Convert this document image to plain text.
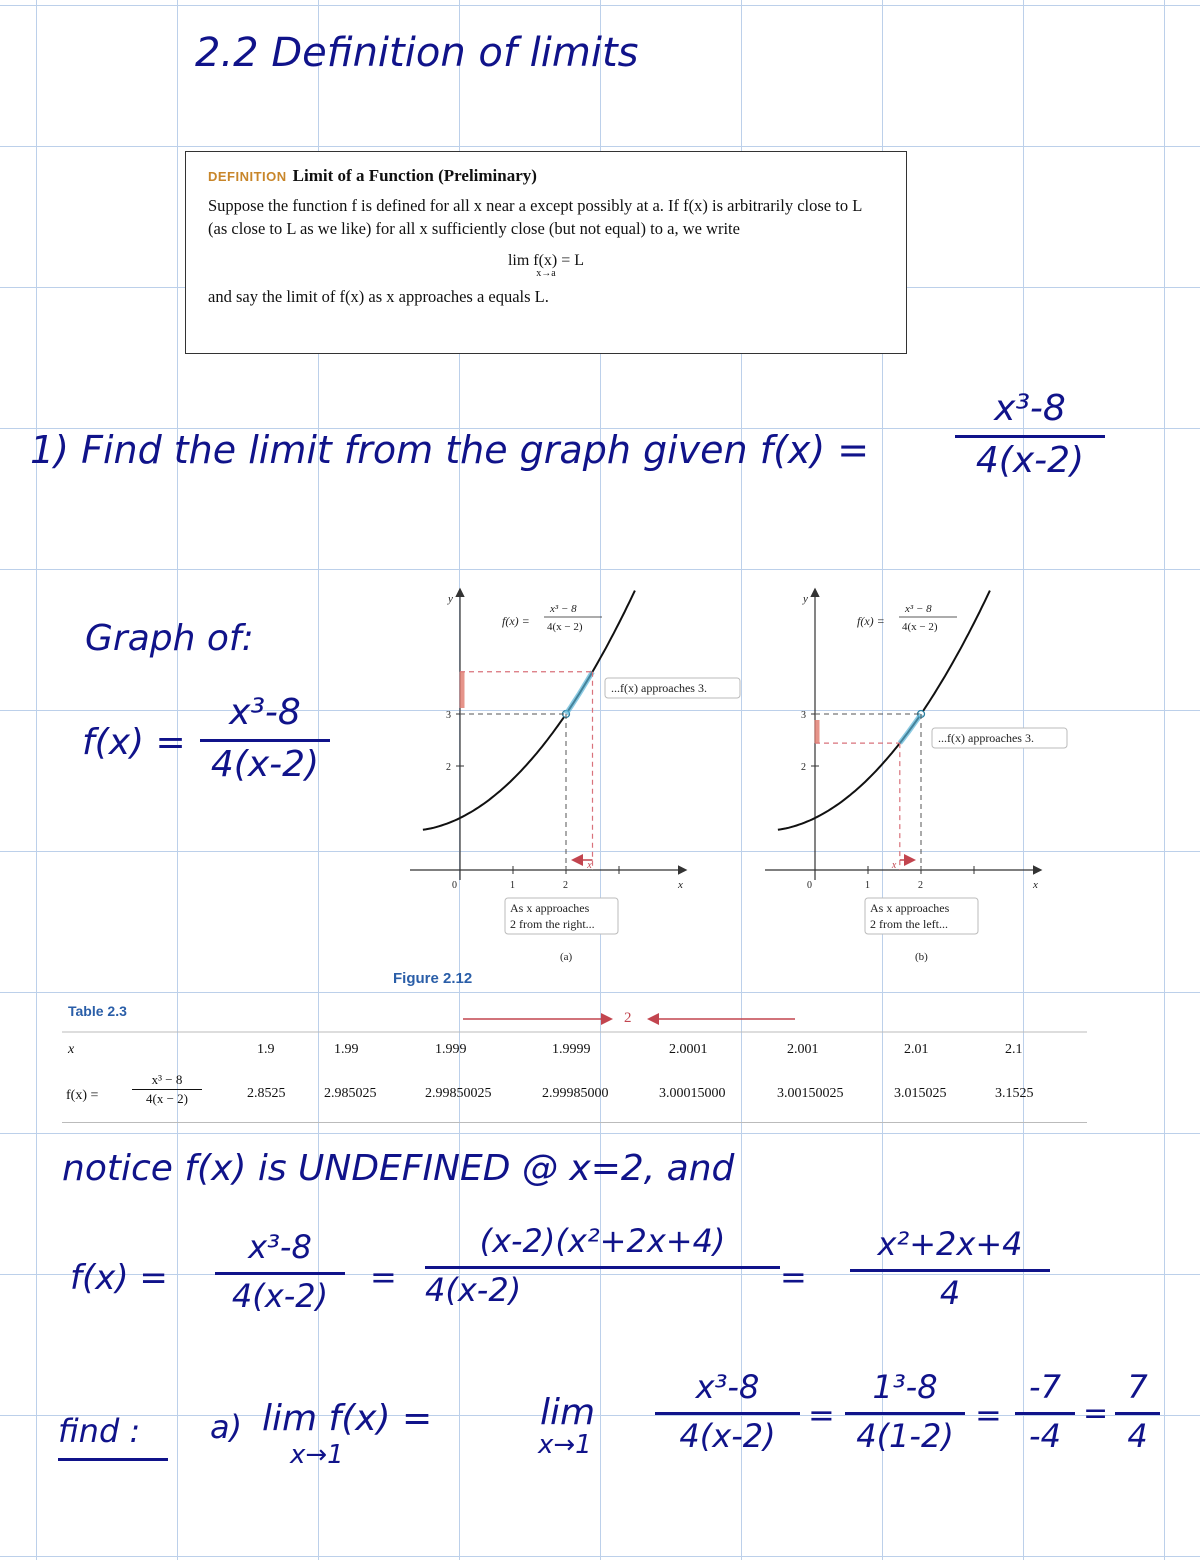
2.2 Definition of limits
DEFINITION Limit of a Function (Preliminary)
Suppose the function f is defined for all x near a except possibly at a. If f(x) is arbitrarily close to L (as close to L as we like) for all x sufficiently close (but not equal) to a, we write
lim f(x) = L
x→a
and say the limit of f(x) as x approaches a equals L.
1) Find the limit from the graph given f(x) =
x³-8
4(x-2)
Graph of:
f(x) =
x³-8
4(x-2)
y
x
2
3
0	1
x
2
f(x) =
x³ − 8
4(x − 2)
...f(x) approaches 3.
As x approaches
2 from the right...
(a)
y
x
2
3
0	1
x
2
f(x) =
x³ − 8
4(x − 2)
...f(x) approaches 3.
As x approaches
2 from the left...
(b)
Figure 2.12
Table 2.3	2
x
f(x) =
x³ − 8
4(x − 2)
1.9	1.99	1.999	1.9999	2.0001	2.001	2.01	2.1
2.8525	2.985025	2.99850025	2.99985000	3.00015000	3.00150025	3.015025	3.1525
notice f(x) is UNDEFINED @ x=2, and
f(x) =
x³-8
4(x-2) =
(x-2)(x²+2x+4)
4(x-2)	=
x²+2x+4
4
find : a) lim f(x) =
x→1
lim
x→1
x³-8
4(x-2)
=
1³-8
4(1-2)
=
-7
-4
=
7
4
